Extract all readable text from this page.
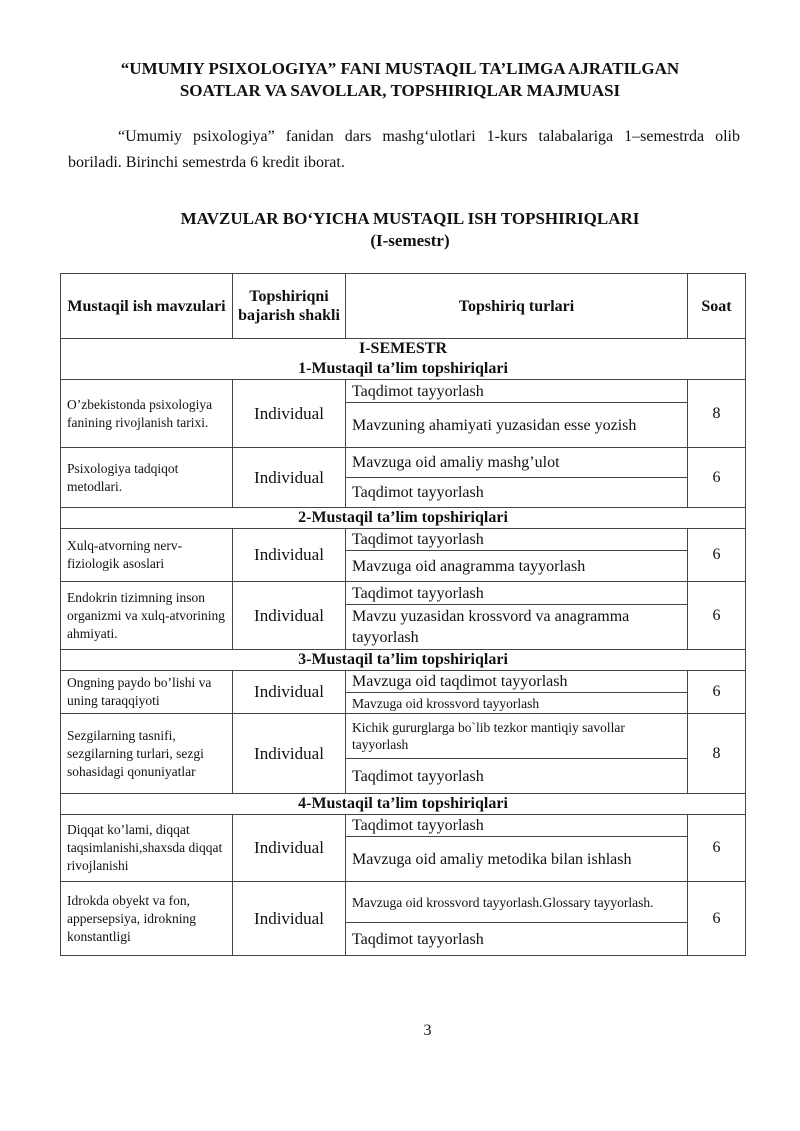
“UMUMIY PSIXOLOGIYA” FANI MUSTAQIL TA’LIMGA AJRATILGAN
SOATLAR VA SAVOLLAR, TOPSHIRIQLAR MAJMUASI
“Umumiy psixologiya” fanidan dars mashg‘ulotlari 1-kurs talabalariga 1–semestrda olib boriladi. Birinchi semestrda 6 kredit iborat.
MAVZULAR BO‘YICHA MUSTAQIL ISH TOPSHIRIQLARI
(I-semestr)
Mustaqil ish mavzulari	Topshiriqni bajarish shakli	Topshiriq turlari	Soat

I-SEMESTR
1-Mustaqil ta’lim topshiriqlari			

O’zbekistonda psixologiya fanining rivojlanish tarixi.	Individual	Taqdimot tayyorlash	8
		Mavzuning ahamiyati yuzasidan esse yozish	
Psixologiya tadqiqot metodlari.	Individual	Mavzuga oid amaliy mashg’ulot	6
		Taqdimot tayyorlash	

2-Mustaqil ta’lim topshiriqlari			

Xulq-atvorning nerv-fiziologik asoslari	Individual	Taqdimot tayyorlash	6
		Mavzuga oid anagramma tayyorlash	
Endokrin tizimning inson organizmi va xulq-atvorining ahmiyati.	Individual	Taqdimot tayyorlash	6
		Mavzu yuzasidan krossvord va anagramma tayyorlash	

3-Mustaqil ta’lim topshiriqlari			

Ongning paydo bo’lishi va uning taraqqiyoti	Individual	Mavzuga oid taqdimot tayyorlash	6
		Mavzuga oid krossvord tayyorlash	
Sezgilarning tasnifi, sezgilarning turlari, sezgi sohasidagi qonuniyatlar	Individual	Kichik gururglarga bo`lib tezkor mantiqiy savollar tayyorlash	8
		Taqdimot tayyorlash	

4-Mustaqil ta’lim topshiriqlari			

Diqqat ko’lami, diqqat taqsimlanishi,shaxsda diqqat rivojlanishi	Individual	Taqdimot tayyorlash	6
		Mavzuga oid amaliy metodika bilan ishlash	
Idrokda obyekt va fon, appersepsiya, idrokning konstantligi	Individual	Mavzuga oid krossvord tayyorlash.Glossary tayyorlash.	6
		Taqdimot tayyorlash	
3
